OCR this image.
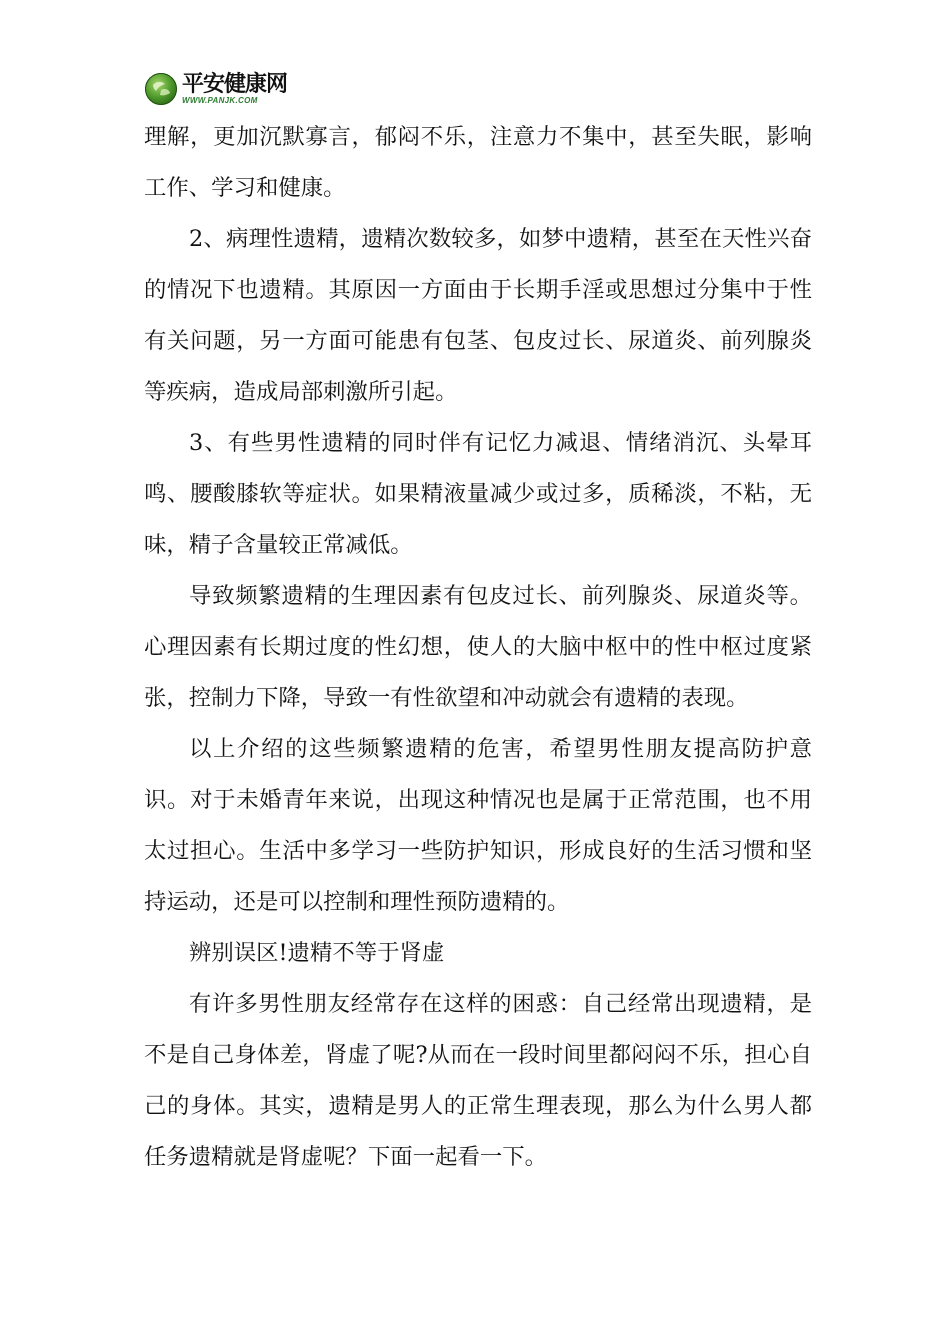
平安健康网
WWW.PANJK.COM

理解，更加沉默寡言，郁闷不乐，注意力不集中，甚至失眠，影响工作、学习和健康。

2、病理性遗精，遗精次数较多，如梦中遗精，甚至在天性兴奋的情况下也遗精。其原因一方面由于长期手淫或思想过分集中于性有关问题，另一方面可能患有包茎、包皮过长、尿道炎、前列腺炎等疾病，造成局部刺激所引起。

3、有些男性遗精的同时伴有记忆力减退、情绪消沉、头晕耳鸣、腰酸膝软等症状。如果精液量减少或过多，质稀淡，不粘，无味，精子含量较正常减低。

导致频繁遗精的生理因素有包皮过长、前列腺炎、尿道炎等。心理因素有长期过度的性幻想，使人的大脑中枢中的性中枢过度紧张，控制力下降，导致一有性欲望和冲动就会有遗精的表现。

以上介绍的这些频繁遗精的危害，希望男性朋友提高防护意识。对于未婚青年来说，出现这种情况也是属于正常范围，也不用太过担心。生活中多学习一些防护知识，形成良好的生活习惯和坚持运动，还是可以控制和理性预防遗精的。

辨别误区!遗精不等于肾虚

有许多男性朋友经常存在这样的困惑：自己经常出现遗精，是不是自己身体差，肾虚了呢?从而在一段时间里都闷闷不乐，担心自己的身体。其实，遗精是男人的正常生理表现，那么为什么男人都任务遗精就是肾虚呢？下面一起看一下。
